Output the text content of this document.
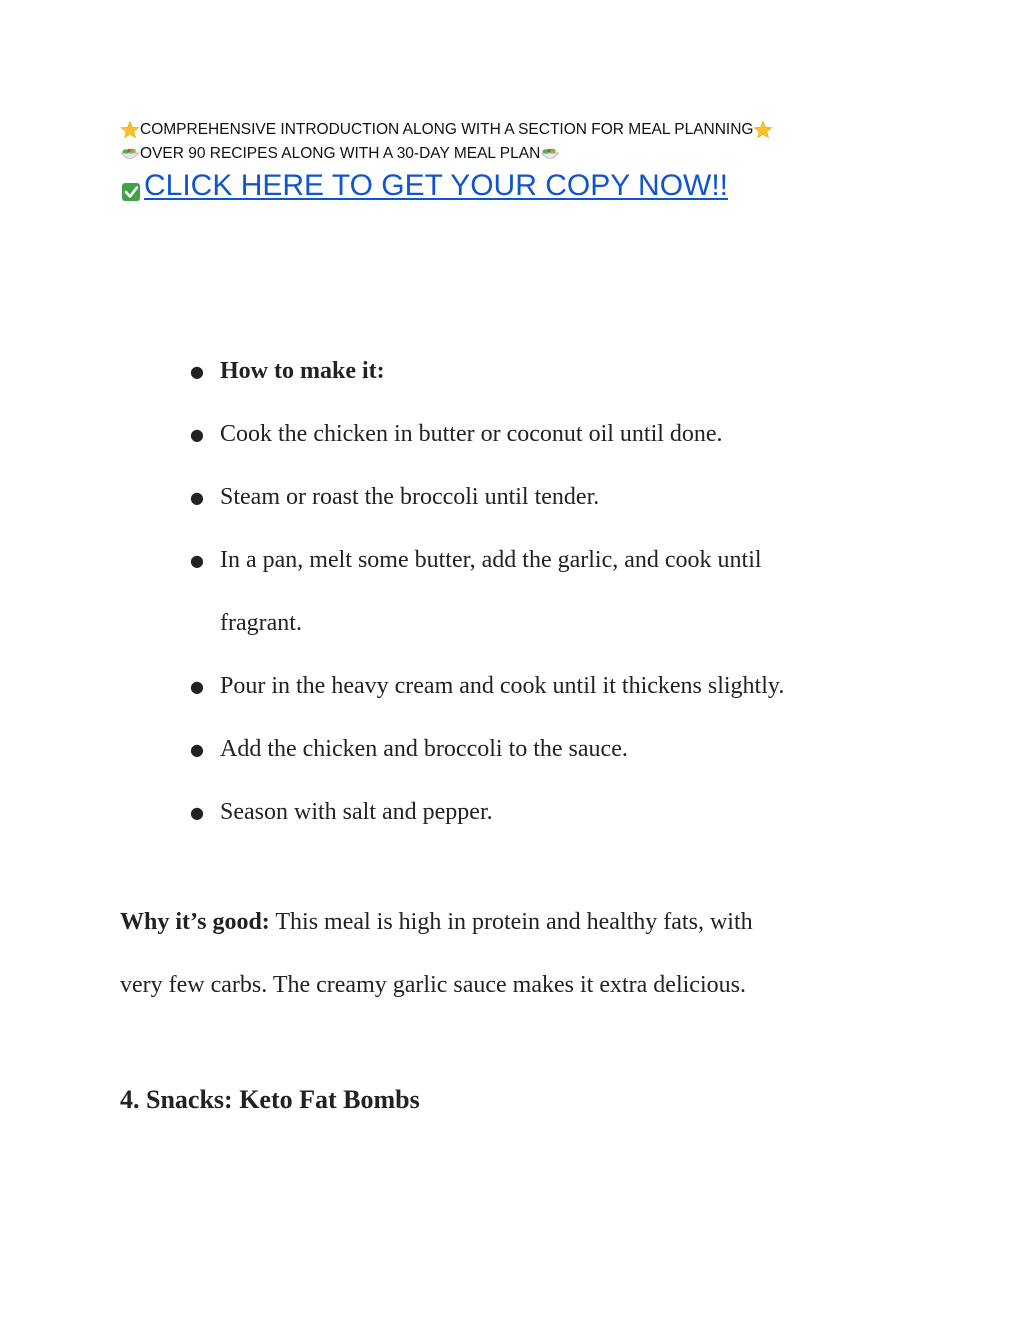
COMPREHENSIVE INTRODUCTION ALONG WITH A SECTION FOR MEAL PLANNING
OVER 90 RECIPES ALONG WITH A 30-DAY MEAL PLAN
CLICK HERE TO GET YOUR COPY NOW!!
● How to make it:
● Cook the chicken in butter or coconut oil until done.
● Steam or roast the broccoli until tender.
● In a pan, melt some butter, add the garlic, and cook until
fragrant.
● Pour in the heavy cream and cook until it thickens slightly.
● Add the chicken and broccoli to the sauce.
● Season with salt and pepper.

Why it’s good: This meal is high in protein and healthy fats, with
very few carbs. The creamy garlic sauce makes it extra delicious.

4. Snacks: Keto Fat Bombs
